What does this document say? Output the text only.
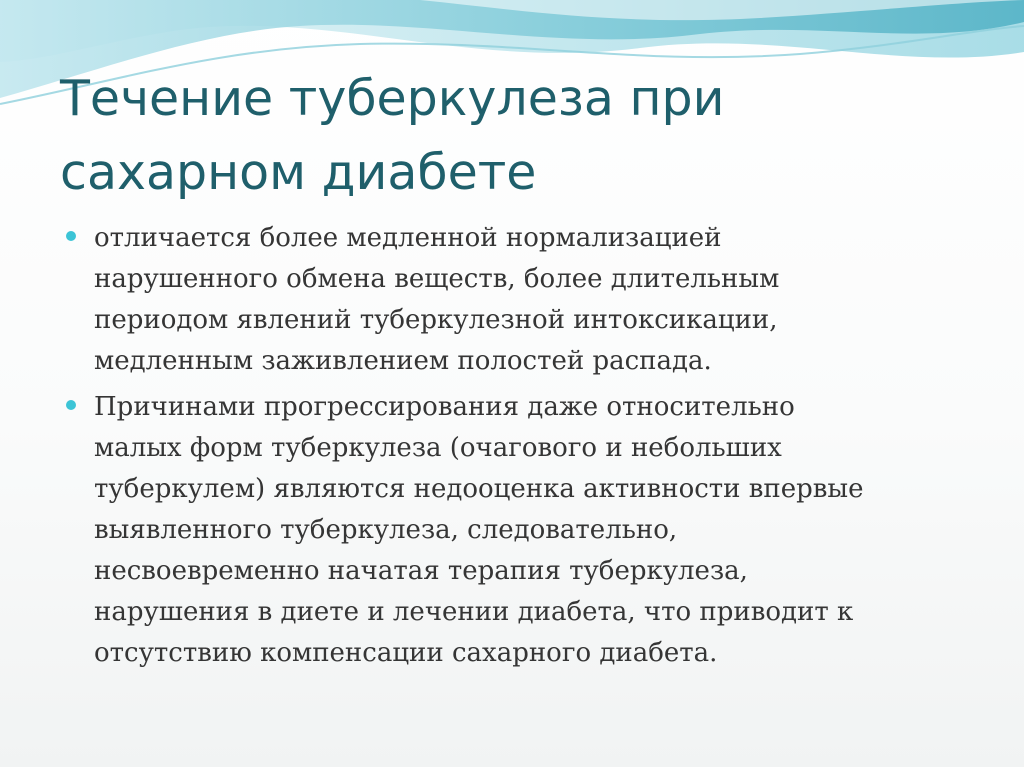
Течение туберкулеза при
сахарном диабете
отличается более медленной нормализацией
нарушенного обмена веществ, более длительным
периодом явлений туберкулезной интоксикации,
медленным заживлением полостей распада.
Причинами прогрессирования даже относительно
малых форм туберкулеза (очагового и небольших
туберкулем) являются недооценка активности впервые
выявленного туберкулеза, следовательно,
несвоевременно начатая терапия туберкулеза,
нарушения в диете и лечении диабета, что приводит к
отсутствию компенсации сахарного диабета.
